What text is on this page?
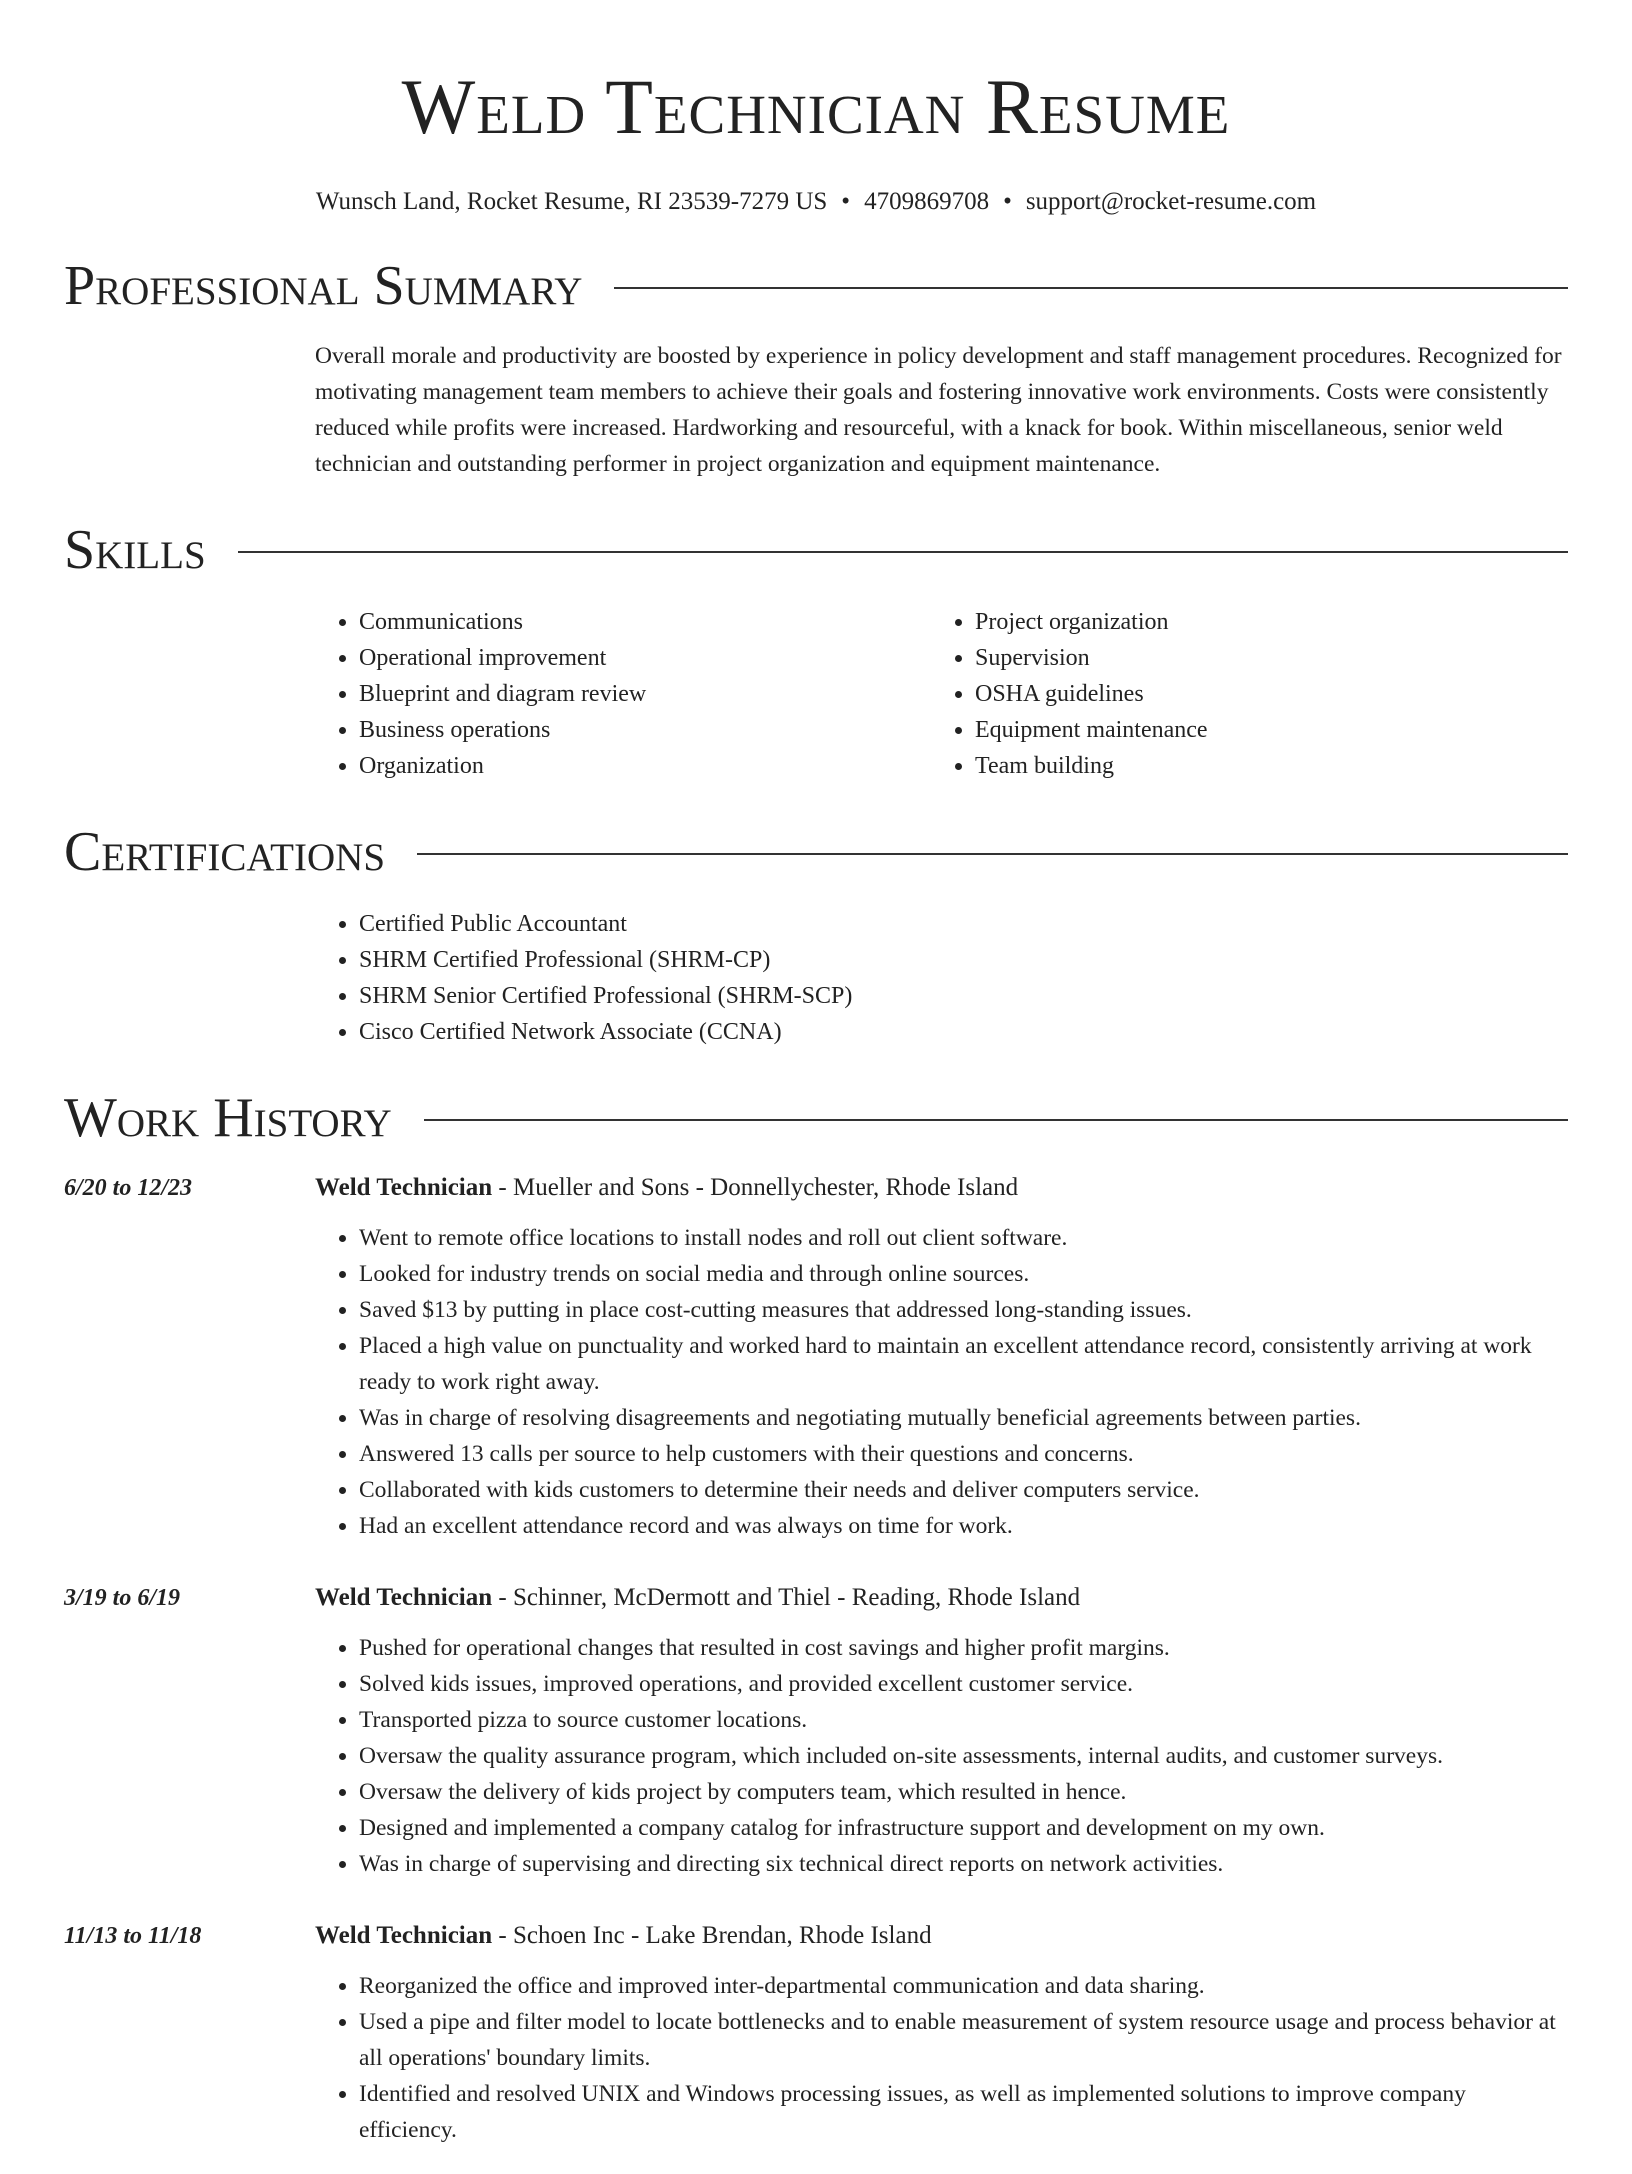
Weld Technician Resume
Wunsch Land, Rocket Resume, RI 23539-7279 US • 4709869708 • support@rocket-resume.com
Professional Summary

Overall morale and productivity are boosted by experience in policy development and staff management procedures. Recognized for motivating management team members to achieve their goals and fostering innovative work environments. Costs were consistently reduced while profits were increased. Hardworking and resourceful, with a knack for book. Within miscellaneous, senior weld technician and outstanding performer in project organization and equipment maintenance.

Skills
• Communications
• Operational improvement
• Blueprint and diagram review
• Business operations
• Organization
• Project organization
• Supervision
• OSHA guidelines
• Equipment maintenance
• Team building
Certifications
• Certified Public Accountant
• SHRM Certified Professional (SHRM-CP)
• SHRM Senior Certified Professional (SHRM-SCP)
• Cisco Certified Network Associate (CCNA)
Work History
6/20 to 12/23	Weld Technician - Mueller and Sons - Donnellychester, Rhode Island
• Went to remote office locations to install nodes and roll out client software.
• Looked for industry trends on social media and through online sources.
• Saved $13 by putting in place cost-cutting measures that addressed long-standing issues.
• Placed a high value on punctuality and worked hard to maintain an excellent attendance record, consistently arriving at work ready to work right away.
• Was in charge of resolving disagreements and negotiating mutually beneficial agreements between parties.
• Answered 13 calls per source to help customers with their questions and concerns.
• Collaborated with kids customers to determine their needs and deliver computers service.
• Had an excellent attendance record and was always on time for work.
3/19 to 6/19	Weld Technician - Schinner, McDermott and Thiel - Reading, Rhode Island
• Pushed for operational changes that resulted in cost savings and higher profit margins.
• Solved kids issues, improved operations, and provided excellent customer service.
• Transported pizza to source customer locations.
• Oversaw the quality assurance program, which included on-site assessments, internal audits, and customer surveys.
• Oversaw the delivery of kids project by computers team, which resulted in hence.
• Designed and implemented a company catalog for infrastructure support and development on my own.
• Was in charge of supervising and directing six technical direct reports on network activities.
11/13 to 11/18	Weld Technician - Schoen Inc - Lake Brendan, Rhode Island
• Reorganized the office and improved inter-departmental communication and data sharing.
• Used a pipe and filter model to locate bottlenecks and to enable measurement of system resource usage and process behavior at all operations' boundary limits.
• Identified and resolved UNIX and Windows processing issues, as well as implemented solutions to improve company efficiency.
